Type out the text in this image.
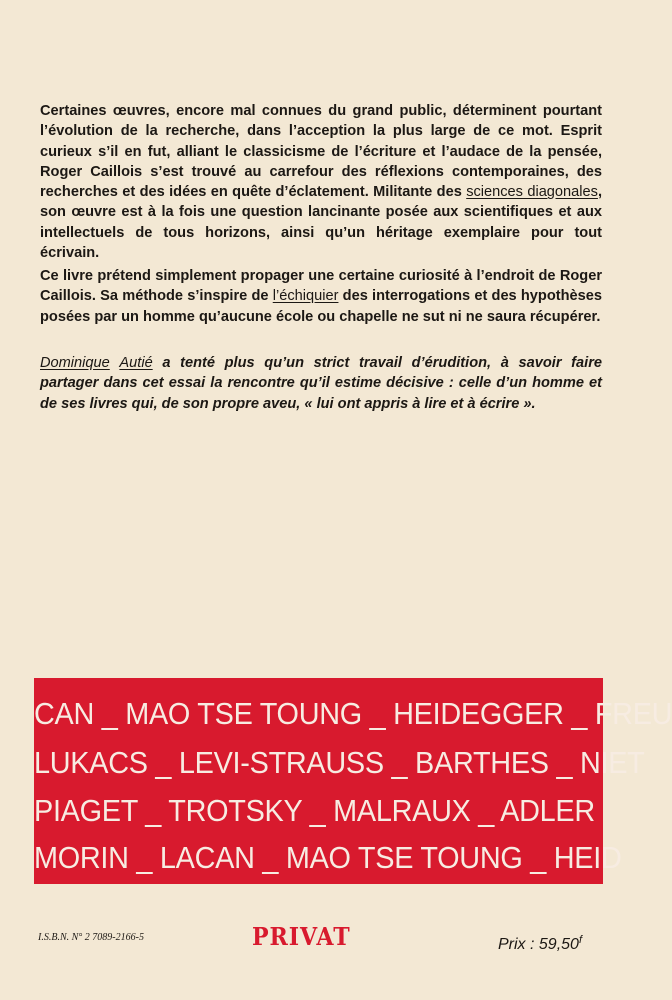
Certaines œuvres, encore mal connues du grand public, déterminent pourtant l’évolution de la recherche, dans l’acception la plus large de ce mot. Esprit curieux s’il en fut, alliant le classicisme de l’écriture et l’audace de la pensée, Roger Caillois s’est trouvé au carrefour des réflexions contemporaines, des recherches et des idées en quête d’éclatement. Militante des sciences diagonales, son œuvre est à la fois une question lancinante posée aux scientifiques et aux intellectuels de tous horizons, ainsi qu’un héritage exemplaire pour tout écrivain.

Ce livre prétend simplement propager une certaine curiosité à l’endroit de Roger Caillois. Sa méthode s’inspire de l’échiquier des interrogations et des hypothèses posées par un homme qu’aucune école ou chapelle ne sut ni ne saura récupérer.

Dominique Autié a tenté plus qu’un strict travail d’érudition, à savoir faire partager dans cet essai la rencontre qu’il estime décisive : celle d’un homme et de ses livres qui, de son propre aveu, « lui ont appris à lire et à écrire ».

CAN _ MAO TSE TOUNG _ HEIDEGGER _ FREU
LUKACS _ LEVI-STRAUSS _ BARTHES _ NIET
PIAGET _ TROTSKY _ MALRAUX _ ADLER
MORIN _ LACAN _ MAO TSE TOUNG _ HEID
I.S.B.N. N° 2 7089-2166-5	PRIVAT	Prix : 59,50$^f$
